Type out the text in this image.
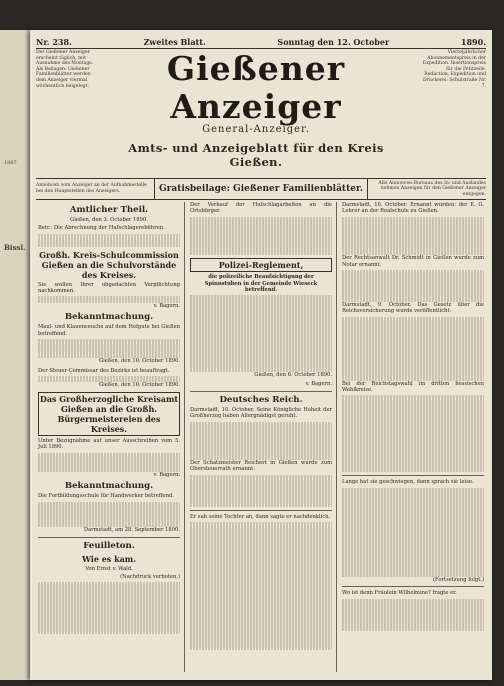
1887
Bissl.
Nr. 238.	Zweites Blatt.	Sonntag den 12. October	1890.
Der Gießener Anzeiger erscheint täglich, mit Ausnahme des Montags. Als Beilagen: Gießener Familienblätter werden dem Anzeiger viermal wöchentlich beigelegt.
Vierteljährlicher Abonnementspreis in der Expedition. Insertionspreis für die Petitzeile. Redaction, Expedition und Druckerei: Schulstraße Nr. 7.
Gießener Anzeiger
General-Anzeiger.
Amts- und Anzeigeblatt für den Kreis Gießen.
Annoncen vom Anzeiger an der Aufnahmestelle bei den Hauptstellen des Anzeigers.	Gratisbeilage: Gießener Familienblätter.
Alle Annoncen-Bureaux des In- und Auslandes nehmen Anzeigen für den Gießener Anzeiger entgegen.
Amtlicher Theil.
Gießen, den 3. October 1890.
Betr.: Die Abrechnung der Hufschlagerebühren.
Großh. Kreis-Schulcommission Gießen an die Schulvorstände des Kreises.
Sie wollen Ihrer obgedachten Verpflichtung nachkommen.
v. Bagern.
Bekanntmachung.
Maul- und Klauenseuche auf dem Hofgute bei Gießen betreffend.
Gießen, den 10. October 1890.
Der Steuer-Commissar des Bezirks ist beauftragt.
Gießen, den 10. October 1890.
Das Großherzogliche Kreisamt Gießen an die Großh. Bürgermeistereien des Kreises.
Unter Bezugnahme auf unser Ausschreiben vom 5. Juli 1890.
v. Bagern.
Bekanntmachung.
Die Fortbildungsschule für Handwerker betreffend.
Darmstadt, am 28. September 1890.
Feuilleton.
Wie es kam.
Von Ernst v. Wald.
(Nachdruck verboten.)
Der Verkauf der Hufschlagarbeiten an die Ortsbürger.
Polizei-Reglement,
die polizeiliche Beaufsichtigung der Spinnstuben in der Gemeinde Wieseck betreffend.
Gießen, den 6. October 1890.
v. Bagern.
Deutsches Reich.
Darmstadt, 10. October. Seine Königliche Hoheit der Großherzog haben Allergnädigst geruht.
Der Schatzmeister Reichert in Gießen wurde zum Obersteuerrath ernannt.
Er sah seine Tochter an, dann sagte er nachdenklich.
Darmstadt, 10. October. Ernannt wurden: der E. G. Lehrer an der Realschule zu Gießen.
Der Rechtsanwalt Dr. Schmidt in Gießen wurde zum Notar ernannt.
Darmstadt, 9. October. Das Gesetz über die Reichsversicherung wurde veröffentlicht.
Bei der Reichstagswahl im dritten hessischen Wahlkreise.
Lange hat sie geschwiegen, dann sprach sie leise.
(Fortsetzung folgt.)
Wo ist denn Fräulein Wilhelmine? fragte er.
